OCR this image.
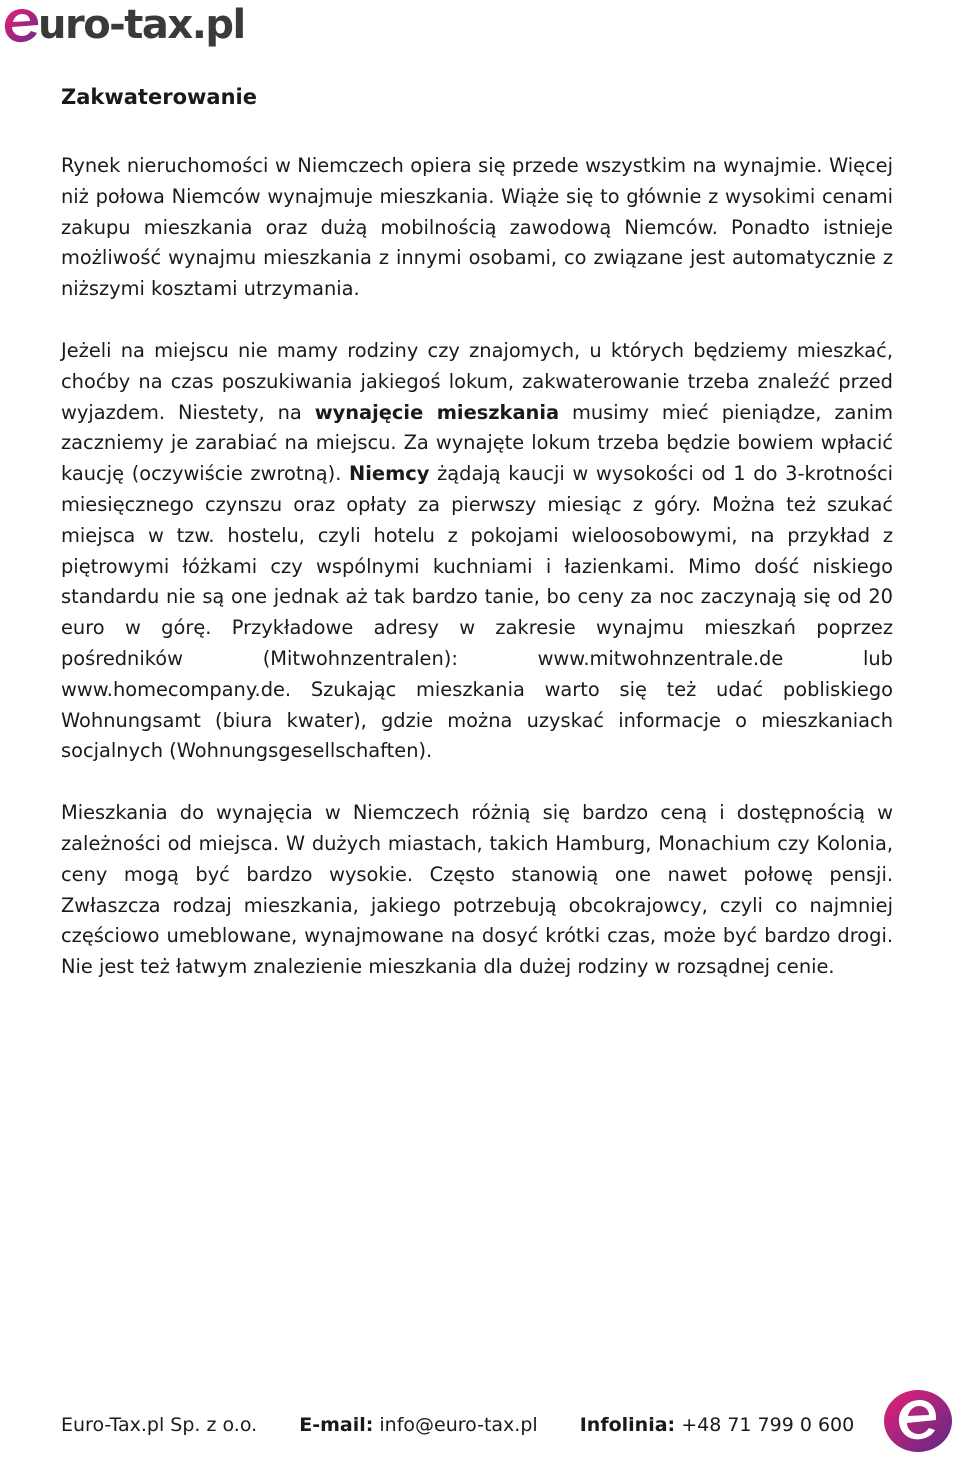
uro-tax.pl
Zakwaterowanie

Rynek nieruchomości w Niemczech opiera się przede wszystkim na wynajmie. Więcej niż połowa Niemców wynajmuje mieszkania. Wiąże się to głównie z wysokimi cenami zakupu mieszkania oraz dużą mobilnością zawodową Niemców. Ponadto istnieje możliwość wynajmu mieszkania z innymi osobami, co związane jest automatycznie z niższymi kosztami utrzymania.

Jeżeli na miejscu nie mamy rodziny czy znajomych, u których będziemy mieszkać, choćby na czas poszukiwania jakiegoś lokum, zakwaterowanie trzeba znaleźć przed wyjazdem. Niestety, na wynajęcie mieszkania musimy mieć pieniądze, zanim zaczniemy je zarabiać na miejscu. Za wynajęte lokum trzeba będzie bowiem wpłacić kaucję (oczywiście zwrotną). Niemcy żądają kaucji w wysokości od 1 do 3-krotności miesięcznego czynszu oraz opłaty za pierwszy miesiąc z góry. Można też szukać miejsca w tzw. hostelu, czyli hotelu z pokojami wieloosobowymi, na przykład z piętrowymi łóżkami czy wspólnymi kuchniami i łazienkami. Mimo dość niskiego standardu nie są one jednak aż tak bardzo tanie, bo ceny za noc zaczynają się od 20 euro w górę. Przykładowe adresy w zakresie wynajmu mieszkań poprzez pośredników (Mitwohnzentralen): www.mitwohnzentrale.de lub www.homecompany.de. Szukając mieszkania warto się też udać pobliskiego Wohnungsamt (biura kwater), gdzie można uzyskać informacje o mieszkaniach socjalnych (Wohnungsgesellschaften).

Mieszkania do wynajęcia w Niemczech różnią się bardzo ceną i dostępnością w zależności od miejsca. W dużych miastach, takich Hamburg, Monachium czy Kolonia, ceny mogą być bardzo wysokie. Często stanowią one nawet połowę pensji. Zwłaszcza rodzaj mieszkania, jakiego potrzebują obcokrajowcy, czyli co najmniej częściowo umeblowane, wynajmowane na dosyć krótki czas, może być bardzo drogi. Nie jest też łatwym znalezienie mieszkania dla dużej rodziny w rozsądnej cenie.

Euro-Tax.pl Sp. z o.o. E-mail: info@euro-tax.pl Infolinia: +48 71 799 0 600
